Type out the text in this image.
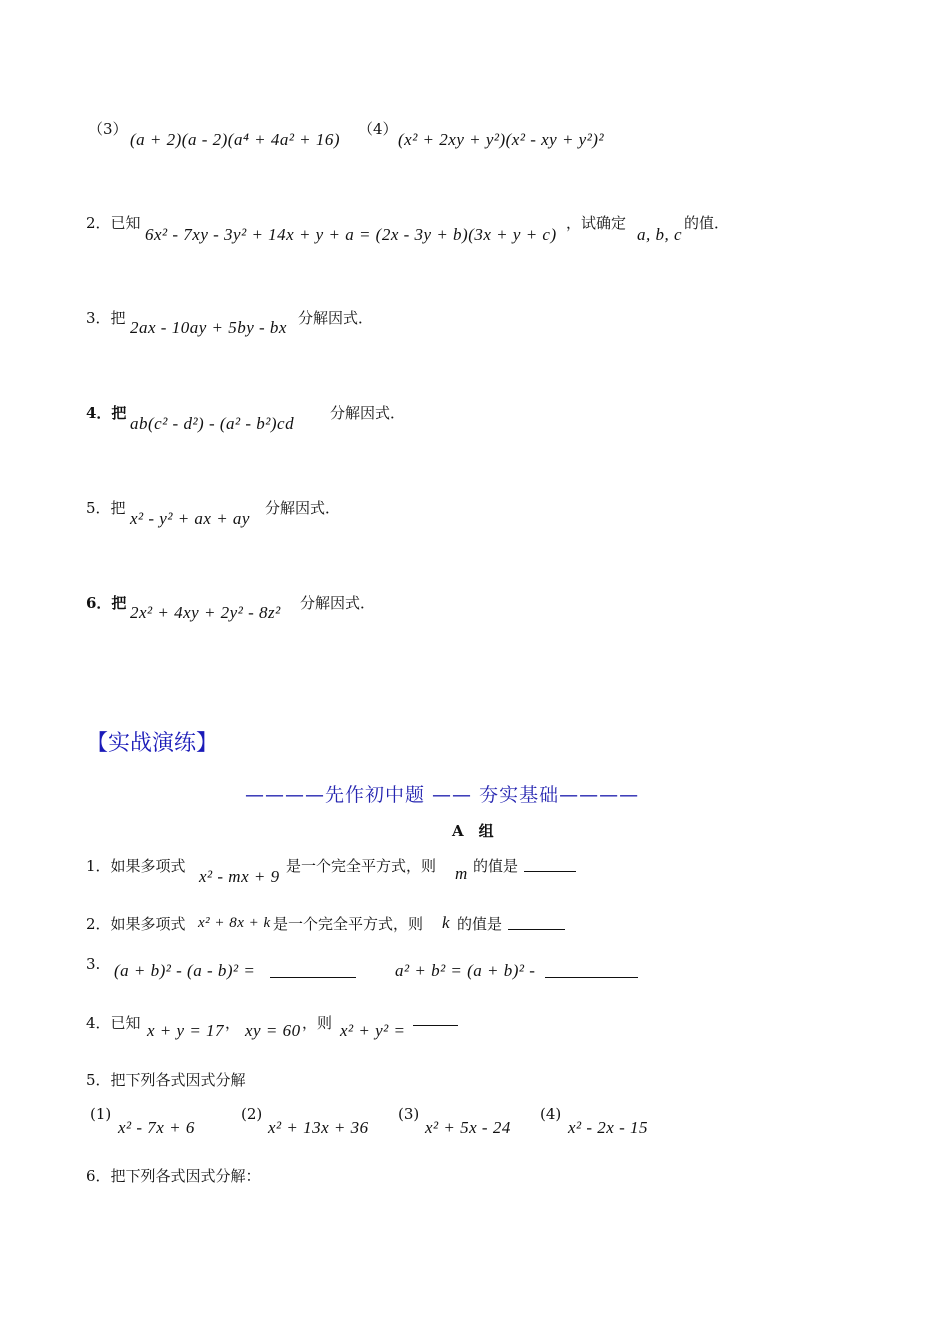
（3）
(a + 2)(a - 2)(a⁴ + 4a² + 16)
（4）
(x² + 2xy + y²)(x² - xy + y²)²
2．已知
6x² - 7xy - 3y² + 14x + y + a = (2x - 3y + b)(3x + y + c)
，试确定
a, b, c
的值．
3．把 2ax - 10ay + 5by - bx 分解因式．
4．把
ab(c² - d²) - (a² - b²)cd
分解因式．
5．把
x² - y² + ax + ay
分解因式．
6．把 2x² + 4xy + 2y² - 8z² 分解因式．
【实战演练】
————先作初中题 —— 夯实基础————
A　组
1．如果多项式
x² - mx + 9
是一个完全平方式，则 m 的值是
2．如果多项式 x² + 8x + k 是一个完全平方式，则 k 的值是
3. (a + b)² - (a - b)² =	a² + b² = (a + b)² -
4．已知 x + y = 17 ， xy = 60 ，则 x² + y² =
5．把下列各式因式分解
(1)
x² - 7x + 6
(2)
x² + 13x + 36
(3)
x² + 5x - 24
(4)
x² - 2x - 15
6．把下列各式因式分解：
